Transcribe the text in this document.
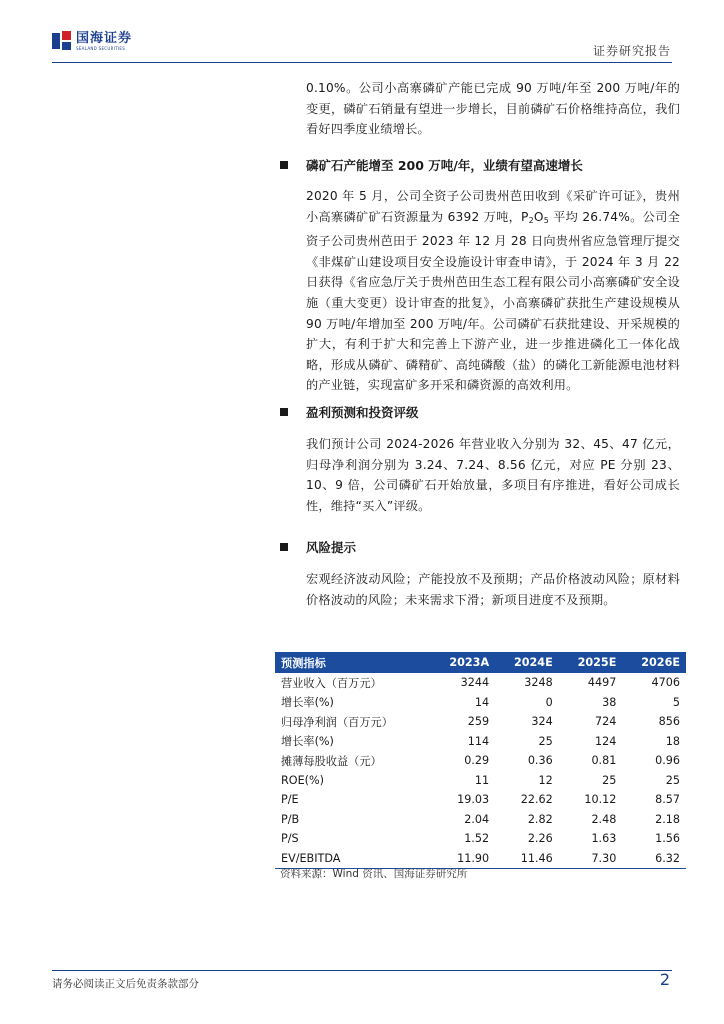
国海证券
SEALAND SECURITIES	证券研究报告
0.10%。公司小高寨磷矿产能已完成 90 万吨/年至 200 万吨/年的变更，磷矿石销量有望进一步增长，目前磷矿石价格维持高位，我们看好四季度业绩增长。
磷矿石产能增至 200 万吨/年，业绩有望高速增长
2020 年 5 月，公司全资子公司贵州芭田收到《采矿许可证》，贵州小高寨磷矿矿石资源量为 6392 万吨，$P_2O_5$ 平均 26.74%。公司全资子公司贵州芭田于 2023 年 12 月 28 日向贵州省应急管理厅提交《非煤矿山建设项目安全设施设计审查申请》，于 2024 年 3 月 22 日获得《省应急厅关于贵州芭田生态工程有限公司小高寨磷矿安全设施（重大变更）设计审查的批复》，小高寨磷矿获批生产建设规模从 90 万吨/年增加至 200 万吨/年。公司磷矿石获批建设、开采规模的扩大，有利于扩大和完善上下游产业，进一步推进磷化工一体化战略，形成从磷矿、磷精矿、高纯磷酸（盐）的磷化工新能源电池材料的产业链，实现富矿多开采和磷资源的高效利用。
盈利预测和投资评级
我们预计公司 2024-2026 年营业收入分别为 32、45、47 亿元，归母净利润分别为 3.24、7.24、8.56 亿元，对应 PE 分别 23、10、9 倍，公司磷矿石开始放量，多项目有序推进，看好公司成长性，维持“买入”评级。
风险提示
宏观经济波动风险；产能投放不及预期；产品价格波动风险；原材料价格波动的风险；未来需求下滑；新项目进度不及预期。
预测指标	2023A	2024E	2025E	2026E
营业收入（百万元）	3244	3248	4497	4706
增长率(%)	14	0	38	5
归母净利润（百万元）	259	324	724	856
增长率(%)	114	25	124	18
摊薄每股收益（元）	0.29	0.36	0.81	0.96
ROE(%)	11	12	25	25
P/E	19.03	22.62	10.12	8.57
P/B	2.04	2.82	2.48	2.18
P/S	1.52	2.26	1.63	1.56
EV/EBITDA	11.90	11.46	7.30	6.32
资料来源：Wind 资讯、国海证券研究所
请务必阅读正文后免责条款部分	2
